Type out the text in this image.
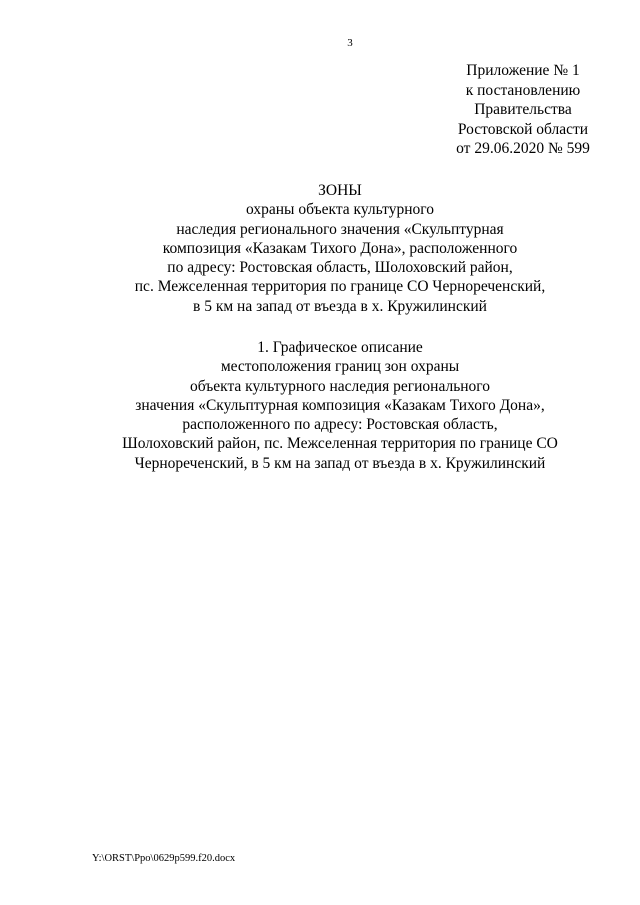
3
Приложение № 1
к постановлению
Правительства
Ростовской области
от 29.06.2020 № 599
ЗОНЫ
охраны объекта культурного
наследия регионального значения «Скульптурная
композиция «Казакам Тихого Дона», расположенного
по адресу: Ростовская область, Шолоховский район,
пс. Межселенная территория по границе СО Чернореченский,
в 5 км на запад от въезда в х. Кружилинский
1. Графическое описание
местоположения границ зон охраны
объекта культурного наследия регионального
значения «Скульптурная композиция «Казакам Тихого Дона»,
расположенного по адресу: Ростовская область,
Шолоховский район, пс. Межселенная территория по границе СО
Чернореченский, в 5 км на запад от въезда в х. Кружилинский
Y:\ORST\Ppo\0629p599.f20.docx
